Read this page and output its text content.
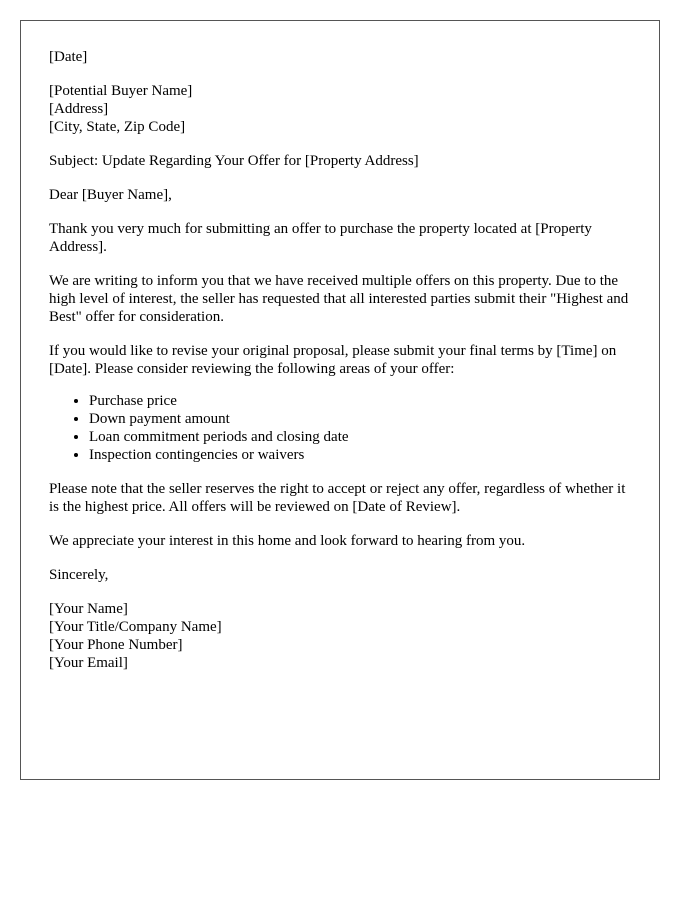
[Date]

[Potential Buyer Name]
[Address]
[City, State, Zip Code]

Subject: Update Regarding Your Offer for [Property Address]

Dear [Buyer Name],

Thank you very much for submitting an offer to purchase the property located at [Property Address].

We are writing to inform you that we have received multiple offers on this property. Due to the high level of interest, the seller has requested that all interested parties submit their "Highest and Best" offer for consideration.

If you would like to revise your original proposal, please submit your final terms by [Time] on [Date]. Please consider reviewing the following areas of your offer:

• Purchase price
• Down payment amount
• Loan commitment periods and closing date
• Inspection contingencies or waivers

Please note that the seller reserves the right to accept or reject any offer, regardless of whether it is the highest price. All offers will be reviewed on [Date of Review].

We appreciate your interest in this home and look forward to hearing from you.

Sincerely,

[Your Name]
[Your Title/Company Name]
[Your Phone Number]
[Your Email]
